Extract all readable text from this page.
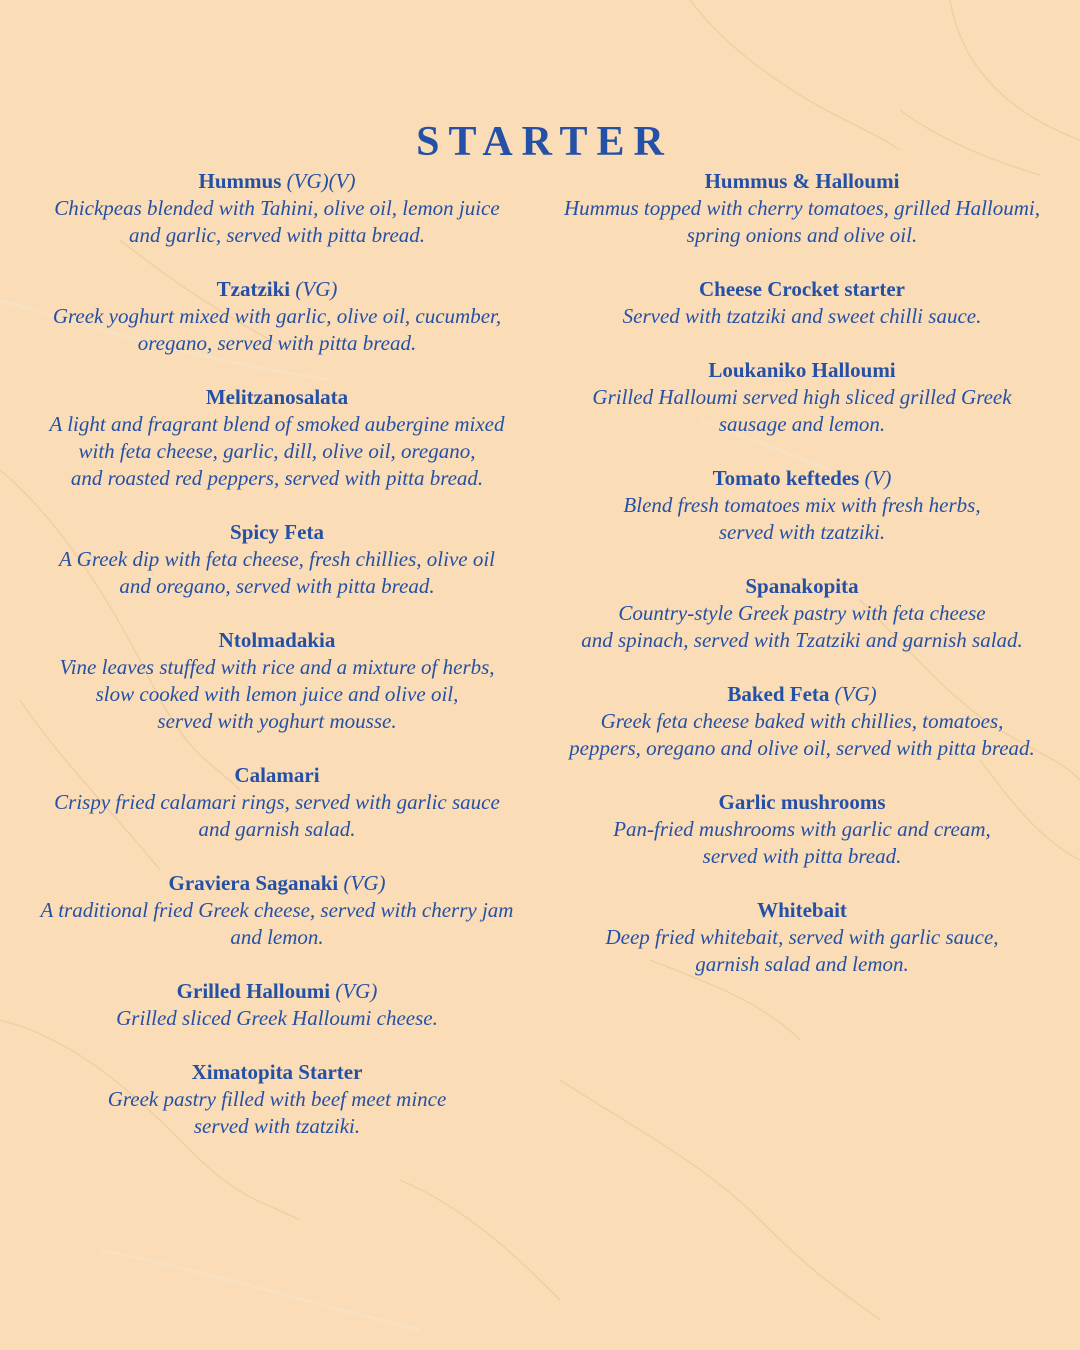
STARTER
Hummus (VG)(V)
Chickpeas blended with Tahini, olive oil, lemon juice
and garlic, served with pitta bread.
Tzatziki (VG)
Greek yoghurt mixed with garlic, olive oil, cucumber,
oregano, served with pitta bread.
Melitzanosalata
A light and fragrant blend of smoked aubergine mixed
with feta cheese, garlic, dill, olive oil, oregano,
and roasted red peppers, served with pitta bread.
Spicy Feta
A Greek dip with feta cheese, fresh chillies, olive oil
and oregano, served with pitta bread.
Ntolmadakia
Vine leaves stuffed with rice and a mixture of herbs,
slow cooked with lemon juice and olive oil,
served with yoghurt mousse.
Calamari
Crispy fried calamari rings, served with garlic sauce
and garnish salad.
Graviera Saganaki (VG)
A traditional fried Greek cheese, served with cherry jam
and lemon.
Grilled Halloumi (VG)
Grilled sliced Greek Halloumi cheese.
Ximatopita Starter
Greek pastry filled with beef meet mince
served with tzatziki.
Hummus & Halloumi
Hummus topped with cherry tomatoes, grilled Halloumi,
spring onions and olive oil.
Cheese Crocket starter
Served with tzatziki and sweet chilli sauce.
Loukaniko Halloumi
Grilled Halloumi served high sliced grilled Greek
sausage and lemon.
Tomato keftedes (V)
Blend fresh tomatoes mix with fresh herbs,
served with tzatziki.
Spanakopita
Country-style Greek pastry with feta cheese
and spinach, served with Tzatziki and garnish salad.
Baked Feta (VG)
Greek feta cheese baked with chillies, tomatoes,
peppers, oregano and olive oil, served with pitta bread.
Garlic mushrooms
Pan-fried mushrooms with garlic and cream,
served with pitta bread.
Whitebait
Deep fried whitebait, served with garlic sauce,
garnish salad and lemon.
